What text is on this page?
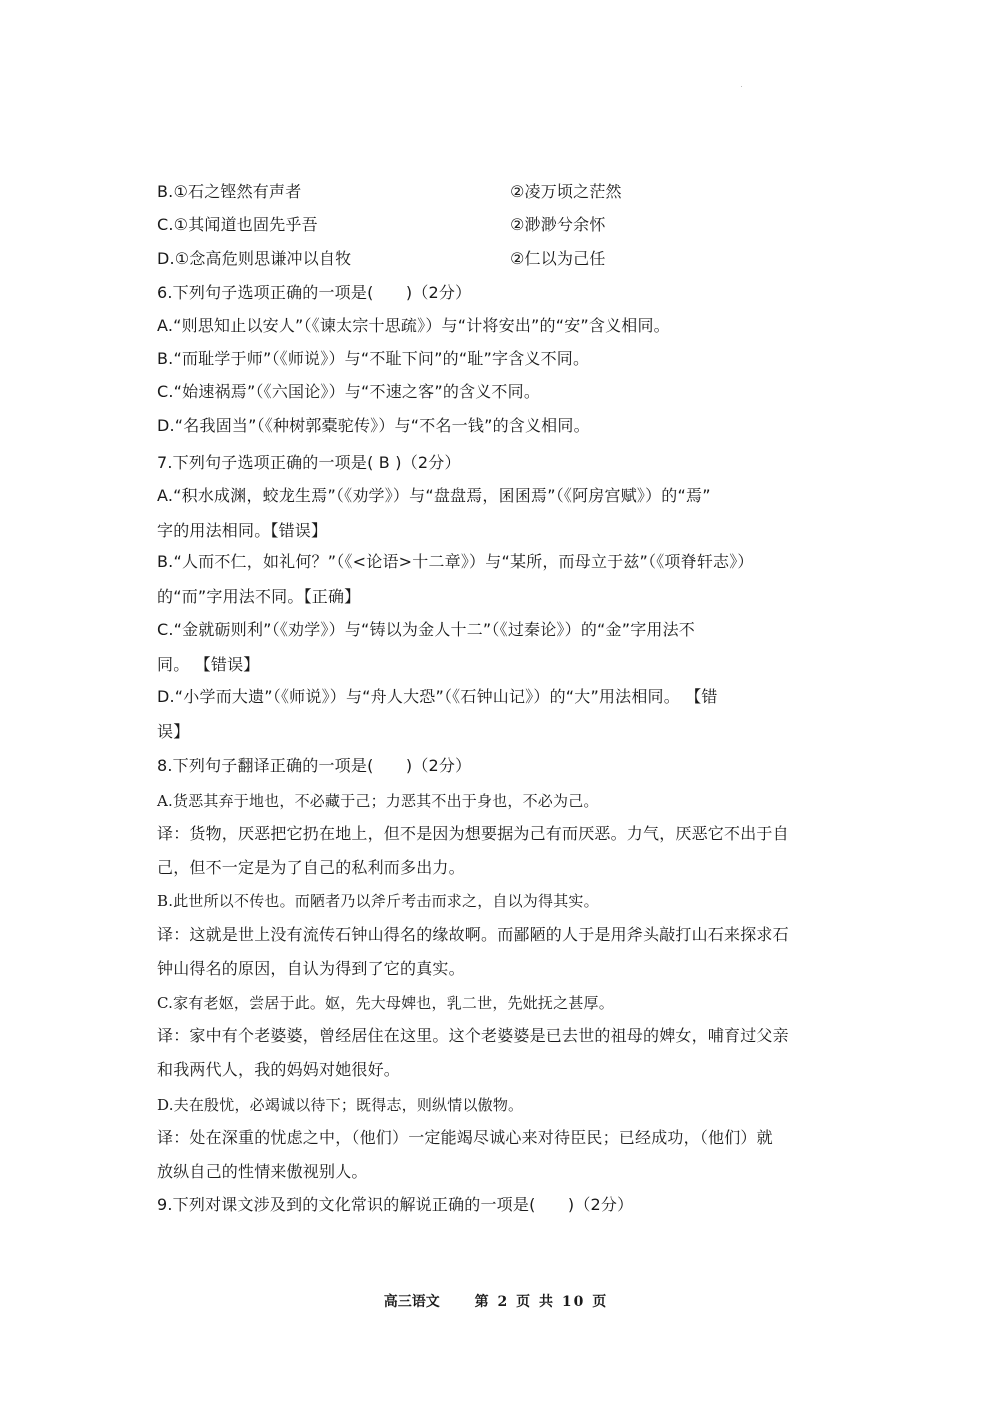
B.①石之铿然有声者	②凌万顷之茫然
C.①其闻道也固先乎吾	②渺渺兮余怀
D.①念高危则思谦冲以自牧	②仁以为己任
6.下列句子选项正确的一项是(　　)（2分）
A.“则思知止以安人”（《谏太宗十思疏》）与“计将安出”的“安”含义相同。
B.“而耻学于师”（《师说》）与“不耻下问”的“耻”字含义不同。
C.“始速祸焉”（《六国论》）与“不速之客”的含义不同。
D.“名我固当”（《种树郭橐驼传》）与“不名一钱”的含义相同。
7.下列句子选项正确的一项是( B )（2分）
A.“积水成渊，蛟龙生焉”（《劝学》）与“盘盘焉，囷囷焉”（《阿房宫赋》）的“焉”
字的用法相同。【错误】
B.“人而不仁，如礼何？”（《<论语>十二章》）与“某所，而母立于兹”（《项脊轩志》）
的“而”字用法不同。【正确】
C.“金就砺则利”（《劝学》）与“铸以为金人十二”（《过秦论》）的“金”字用法不
同。 【错误】
D.“小学而大遗”（《师说》）与“舟人大恐”（《石钟山记》）的“大”用法相同。 【错
误】
8.下列句子翻译正确的一项是(　　)（2分）
A.货恶其弃于地也，不必藏于己；力恶其不出于身也，不必为己。
译：货物，厌恶把它扔在地上，但不是因为想要据为己有而厌恶。力气，厌恶它不出于自
己，但不一定是为了自己的私利而多出力。
B.此世所以不传也。而陋者乃以斧斤考击而求之，自以为得其实。
译：这就是世上没有流传石钟山得名的缘故啊。而鄙陋的人于是用斧头敲打山石来探求石
钟山得名的原因，自认为得到了它的真实。
C.家有老妪，尝居于此。妪，先大母婢也，乳二世，先妣抚之甚厚。
译：家中有个老婆婆，曾经居住在这里。这个老婆婆是已去世的祖母的婢女，哺育过父亲
和我两代人，我的妈妈对她很好。
D.夫在殷忧，必竭诚以待下；既得志，则纵情以傲物。
译：处在深重的忧虑之中，（他们）一定能竭尽诚心来对待臣民；已经成功，（他们）就
放纵自己的性情来傲视别人。
9.下列对课文涉及到的文化常识的解说正确的一项是(　　)（2分）
高三语文 第 2 页 共 10 页
